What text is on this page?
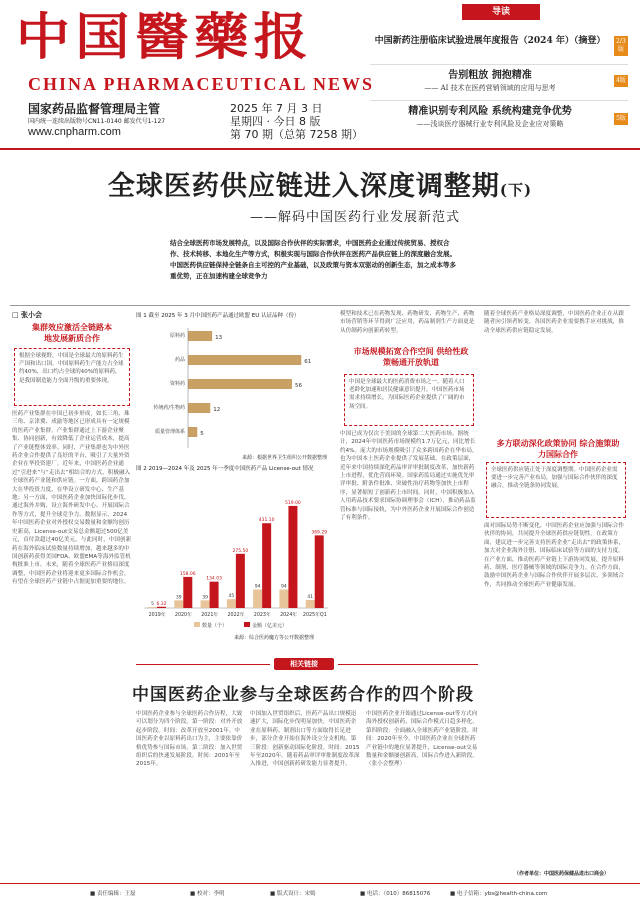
中国醫藥报
CHINA PHARMACEUTICAL NEWS
国家药品监督管理局主管
国内统一连续出版物号CN11-0140 邮发代号1-127
www.cnpharm.com
2025 年 7 月 3 日
星期四 · 今日 8 版
第 70 期（总第 7258 期）
导读
中国新药注册临床试验进展年度报告（2024 年）（摘登）	2/3版
告别粗放 拥抱精准
—— AI 技术在医药营销领域的应用与思考
4版
精准识别专利风险 系统构建竞争优势
——浅谈医疗器械行业专利风险及企业应对策略
5版
全球医药供应链进入深度调整期(下)
——解码中国医药行业发展新范式
结合全球医药市场发展特点，以及国际合作伙伴的实际需求，中国医药企业通过传统贸易、授权合作、技术转移、本地化生产等方式，积极实现与国际合作伙伴在医药产品供应链上的深度融合发展。中国医药供应链保持全链条自主可控的产业基础，以及政策与资本双驱动的创新生态，加之成本等多重优势，正在加速构建全球竞争力
□ 张小会
集群效应激活全链路本地发展新质合作
根据全球视野，中国是全球最大的原料药生产国和出口国。中国原料药生产能力占全球约40%，出口约占全球的40%的原料药，是我国制造能力全面升级的重要体现。
医药产业集群在中国已初步形成，如长三角、珠三角、京津冀、成渝等地区已形成具有一定规模的医药产业集群。产业集群通过上下游企业聚集、协同创新，有效降低了企业运营成本，提高了产业链整体效率。同时，产业集群也为中外医药企业合作提供了良好的平台，吸引了大量外资企业在华投资建厂。近年来，中国医药企业通过“引进来”与“走出去”相结合的方式，积极融入全球医药产业链和供应链。一方面，跨国药企加大在华投资力度，在华设立研发中心、生产基地；另一方面，中国医药企业加快国际化步伐，通过海外并购、设立海外研发中心、开展国际合作等方式，提升全球竞争力。数据显示，2024年中国医药企业对外授权交易数量和金额均创历史新高，License-out交易总金额超过500亿美元，首付款超过40亿美元。与此同时，中国创新药在海外临床试验数量持续增加，越来越多的中国创新药获得美国FDA、欧盟EMA等海外监管机构批准上市。未来，随着全球医药产业格局深度调整，中国医药企业将迎来更多国际合作机会，有望在全球医药产业链中占据更加重要的地位。
图 1 截至 2025 年 3 月中国医药产品通过欧盟 EU 认证品种（份）
原料药	13
药品	61
资料药	56
传统药/生物药	12
质量管理体系	5
来源：根据世界卫生组织公开数据整理
图 2 2019—2024 年及 2025 年一季度中国医药产品 License-out 情况
5 6.32
2019年
39
158.06
2020年
39
134.03
2021年
45
275.50
2022年
94
431.10
2023年
94
519.00
2024年
41
369.29
2025年Q1
数量（个）	金额（亿美元）
来源：综合医药魔方等公开数据整理
模型和技术已在药物发现、药物研发、药物生产、药物市场营销等环节得到广泛应用，药品制剂生产方面更是从仿制药向创新药转型。
市场规模拓宽合作空间 供给性政策畅通开放轨道
中国是全球最大的医药消费市场之一。随着人口老龄化加速和居民健康意识提升，中国医药市场需求持续增长，为国际医药企业提供了广阔的市场空间。
中国已成为仅次于美国的全球第二大医药市场。据统计，2024年中国医药市场规模约1.7万亿元，同比增长约4%。庞大的市场规模吸引了众多跨国药企在华布局，也为中国本土医药企业提供了发展基础。在政策层面，近年来中国持续深化药品审评审批制度改革，加快新药上市进程，优化营商环境。国家药监局通过实施优先审评审批、附条件批准、突破性治疗药物等加快上市程序，显著缩短了创新药上市时间。同时，中国积极加入人用药品技术要求国际协调理事会（ICH），推动药品监管标准与国际接轨，为中外医药企业开展国际合作创造了有利条件。
随着全球医药产业格局深度调整，中国医药企业正在从跟随者向引领者转变。各国医药企业需要携手应对挑战，推动全球医药供应链稳定发展。
多方联动深化政策协同 综合施策助力国际合作
全球医药供应链正处于深度调整期。中国医药企业需要进一步完善产业布局，加强与国际合作伙伴的深度融合，推动全链条协同发展。
面对国际局势不断变化，中国医药企业应加强与国际合作伙伴的协同，共同提升全球医药供应链韧性。在政策方面，建议进一步完善支持医药企业“走出去”的政策体系，加大对企业海外注册、国际临床试验等方面的支持力度。在产业方面，推动医药产业链上下游协同发展，提升原料药、制剂、医疗器械等领域的国际竞争力。在合作方面，鼓励中国医药企业与国际合作伙伴开展多层次、多领域合作，共同推动全球医药产业健康发展。
（作者单位：中国医药保健品进出口商会）
相关链接
中国医药企业参与全球医药合作的四个阶段
中国医药企业参与全球医药合作历程，大致可以划分为四个阶段。第一阶段：对外开放起步阶段。时间：改革开放至2001年。中国医药企业以原料药出口为主，主要依靠价格优势参与国际市场。第二阶段：加入世贸组织后的快速发展阶段。时间：2001年至2015年。
中国加入世贸组织后，医药产品出口规模迅速扩大，国际化步伐明显加快。中国医药企业在原料药、制剂出口等方面取得长足进步，部分企业开始在海外设立分支机构。第三阶段：创新驱动国际化阶段。时间：2015年至2020年。随着药品审评审批制度改革深入推进，中国创新药研发能力显著提升。
中国医药企业开始通过License-out等方式向海外授权创新药，国际合作模式日趋多样化。第四阶段：全面融入全球医药产业链阶段。时间：2020年至今。中国医药企业在全球医药产业链中的地位显著提升，License-out交易数量和金额屡创新高，国际合作进入新阶段。（张小会整理）
■ 责任编辑：王磊	■ 校对：李明	■ 版式设计：宋嫣	■ 电话：（010）86815076	■ 电子信箱：ybs@health-china.com
